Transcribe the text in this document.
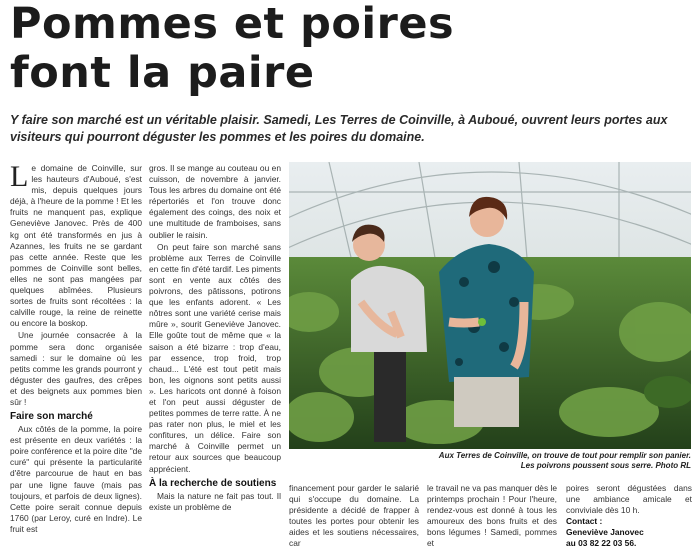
Pommes et poires
font la paire

Y faire son marché est un véritable plaisir. Samedi, Les Terres de Coinville, à Auboué, ouvrent leurs portes aux visiteurs qui pourront déguster les pommes et les poires du domaine.

L e domaine de Coinville, sur les hauteurs d'Auboué, s'est mis, depuis quelques jours déjà, à l'heure de la pomme ! Et les fruits ne manquent pas, explique Geneviève Janovec. Près de 400 kg ont été transformés en jus à Azannes, les fruits ne se gardant pas cette année. Reste que les pommes de Coinville sont belles, elles ne sont pas mangées par quelques abîmées. Plusieurs sortes de fruits sont récoltées : la calville rouge, la reine de reinette ou encore la boskop.

Une journée consacrée à la pomme sera donc organisée samedi : sur le domaine où les petits comme les grands pourront y déguster des gaufres, des crêpes et des beignets aux pommes bien sûr !

Faire son marché

Aux côtés de la pomme, la poire est présente en deux variétés : la poire conférence et la poire dite "de curé" qui présente la particularité d'être parcourue de haut en bas par une ligne fauve (mais pas toujours, et parfois de deux lignes). Cette poire serait connue depuis 1760 (par Leroy, curé en Indre). Le fruit est

gros. Il se mange au couteau ou en cuisson, de novembre à janvier. Tous les arbres du domaine ont été répertoriés et l'on trouve donc également des coings, des noix et une multitude de framboises, sans oublier le raisin.

On peut faire son marché sans problème aux Terres de Coinville en cette fin d'été tardif. Les piments sont en vente aux côtés des poivrons, des pâtissons, potirons que les enfants adorent. « Les nôtres sont une variété cerise mais mûre », sourit Geneviève Janovec. Elle goûte tout de même que « la saison a été bizarre : trop d'eau, par essence, trop froid, trop chaud... L'été est tout petit mais bon, les oignons sont petits aussi ». Les haricots ont donné à foison et l'on peut aussi déguster de petites pommes de terre ratte. À ne pas rater non plus, le miel et les confitures, un délice. Faire son marché à Coinville permet un retour aux sources que beaucoup apprécient.

À la recherche de soutiens

Mais la nature ne fait pas tout. Il existe un problème de

Aux Terres de Coinville, on trouve de tout pour remplir son panier.
Les poivrons poussent sous serre. Photo RL

financement pour garder le salarié qui s'occupe du domaine. La présidente a décidé de frapper à toutes les portes pour obtenir les aides et les soutiens nécessaires, car

le travail ne va pas manquer dès le printemps prochain ! Pour l'heure, rendez-vous est donné à tous les amoureux des bons fruits et des bons légumes ! Samedi, pommes et

poires seront dégustées dans une ambiance amicale et conviviale dès 10 h.

Contact :
Geneviève Janovec
au 03 82 22 03 56.
